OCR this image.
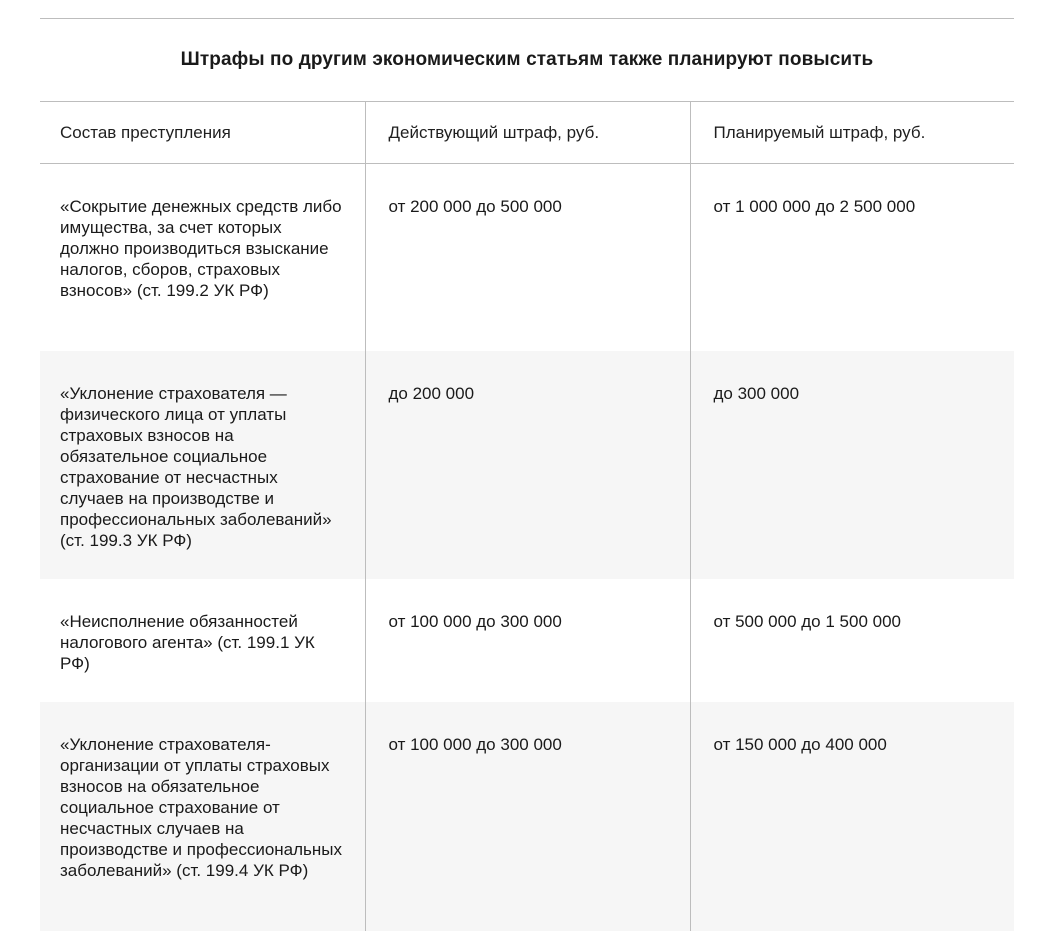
Штрафы по другим экономическим статьям также планируют повысить
Состав преступления	Действующий штраф, руб.	Планируемый штраф, руб.
«Сокрытие денежных средств либо имущества, за счет которых должно производиться взыскание налогов, сборов, страховых взносов» (ст. 199.2 УК РФ)	от 200 000 до 500 000	от 1 000 000 до 2 500 000
«Уклонение страхователя — физического лица от уплаты страховых взносов на обязательное социальное страхование от несчастных случаев на производстве и профессиональных заболеваний» (ст. 199.3 УК РФ)	до 200 000	до 300 000
«Неисполнение обязанностей налогового агента» (ст. 199.1 УК РФ)	от 100 000 до 300 000	от 500 000 до 1 500 000
«Уклонение страхователя-организации от уплаты страховых взносов на обязательное социальное страхование от несчастных случаев на производстве и профессиональных заболеваний» (ст. 199.4 УК РФ)	от 100 000 до 300 000	от 150 000 до 400 000
